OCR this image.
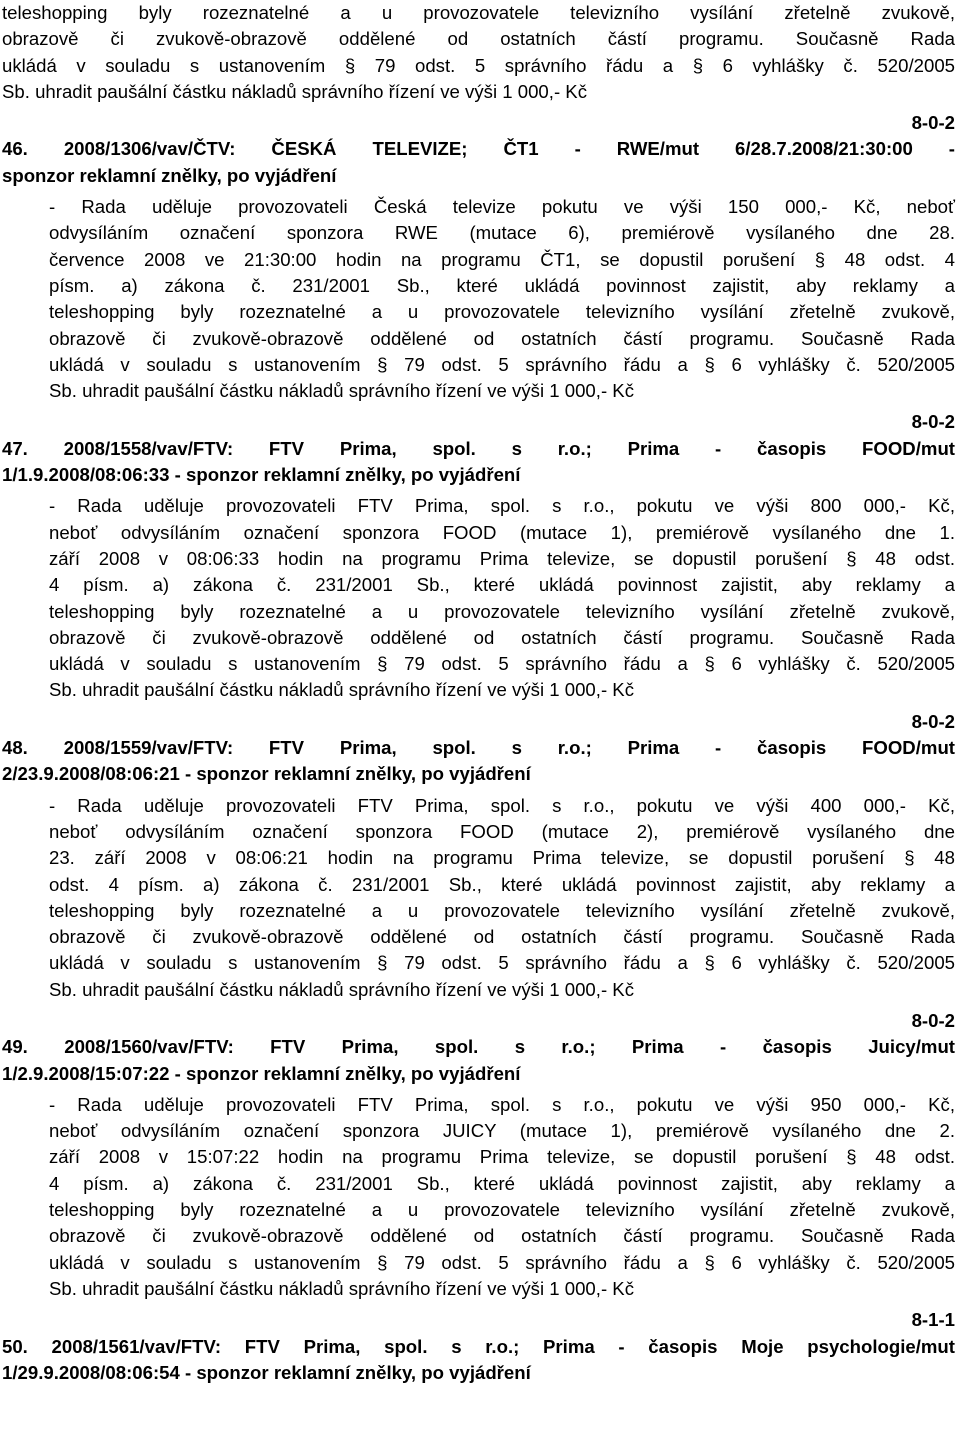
teleshopping byly rozeznatelné a u provozovatele televizního vysílání zřetelně zvukově,
obrazově či zvukově-obrazově oddělené od ostatních částí programu. Současně Rada
ukládá v souladu s ustanovením § 79 odst. 5 správního řádu a § 6 vyhlášky č. 520/2005
Sb. uhradit paušální částku nákladů správního řízení ve výši 1 000,- Kč
8-0-2
46. 2008/1306/vav/ČTV: ČESKÁ TELEVIZE; ČT1 - RWE/mut 6/28.7.2008/21:30:00 -
sponzor reklamní znělky, po vyjádření
- Rada uděluje provozovateli Česká televize pokutu ve výši 150 000,- Kč, neboť
odvysíláním označení sponzora RWE (mutace 6), premiérově vysílaného dne 28.
července 2008 ve 21:30:00 hodin na programu ČT1, se dopustil porušení § 48 odst. 4
písm. a) zákona č. 231/2001 Sb., které ukládá povinnost zajistit, aby reklamy a
teleshopping byly rozeznatelné a u provozovatele televizního vysílání zřetelně zvukově,
obrazově či zvukově-obrazově oddělené od ostatních částí programu. Současně Rada
ukládá v souladu s ustanovením § 79 odst. 5 správního řádu a § 6 vyhlášky č. 520/2005
Sb. uhradit paušální částku nákladů správního řízení ve výši 1 000,- Kč
8-0-2
47. 2008/1558/vav/FTV: FTV Prima, spol. s r.o.; Prima - časopis FOOD/mut
1/1.9.2008/08:06:33 - sponzor reklamní znělky, po vyjádření
- Rada uděluje provozovateli FTV Prima, spol. s r.o., pokutu ve výši 800 000,- Kč,
neboť odvysíláním označení sponzora FOOD (mutace 1), premiérově vysílaného dne 1.
září 2008 v 08:06:33 hodin na programu Prima televize, se dopustil porušení § 48 odst.
4 písm. a) zákona č. 231/2001 Sb., které ukládá povinnost zajistit, aby reklamy a
teleshopping byly rozeznatelné a u provozovatele televizního vysílání zřetelně zvukově,
obrazově či zvukově-obrazově oddělené od ostatních částí programu. Současně Rada
ukládá v souladu s ustanovením § 79 odst. 5 správního řádu a § 6 vyhlášky č. 520/2005
Sb. uhradit paušální částku nákladů správního řízení ve výši 1 000,- Kč
8-0-2
48. 2008/1559/vav/FTV: FTV Prima, spol. s r.o.; Prima - časopis FOOD/mut
2/23.9.2008/08:06:21 - sponzor reklamní znělky, po vyjádření
- Rada uděluje provozovateli FTV Prima, spol. s r.o., pokutu ve výši 400 000,- Kč,
neboť odvysíláním označení sponzora FOOD (mutace 2), premiérově vysílaného dne
23. září 2008 v 08:06:21 hodin na programu Prima televize, se dopustil porušení § 48
odst. 4 písm. a) zákona č. 231/2001 Sb., které ukládá povinnost zajistit, aby reklamy a
teleshopping byly rozeznatelné a u provozovatele televizního vysílání zřetelně zvukově,
obrazově či zvukově-obrazově oddělené od ostatních částí programu. Současně Rada
ukládá v souladu s ustanovením § 79 odst. 5 správního řádu a § 6 vyhlášky č. 520/2005
Sb. uhradit paušální částku nákladů správního řízení ve výši 1 000,- Kč
8-0-2
49. 2008/1560/vav/FTV: FTV Prima, spol. s r.o.; Prima - časopis Juicy/mut
1/2.9.2008/15:07:22 - sponzor reklamní znělky, po vyjádření
- Rada uděluje provozovateli FTV Prima, spol. s r.o., pokutu ve výši 950 000,- Kč,
neboť odvysíláním označení sponzora JUICY (mutace 1), premiérově vysílaného dne 2.
září 2008 v 15:07:22 hodin na programu Prima televize, se dopustil porušení § 48 odst.
4 písm. a) zákona č. 231/2001 Sb., které ukládá povinnost zajistit, aby reklamy a
teleshopping byly rozeznatelné a u provozovatele televizního vysílání zřetelně zvukově,
obrazově či zvukově-obrazově oddělené od ostatních částí programu. Současně Rada
ukládá v souladu s ustanovením § 79 odst. 5 správního řádu a § 6 vyhlášky č. 520/2005
Sb. uhradit paušální částku nákladů správního řízení ve výši 1 000,- Kč
8-1-1
50. 2008/1561/vav/FTV: FTV Prima, spol. s r.o.; Prima - časopis Moje psychologie/mut
1/29.9.2008/08:06:54 - sponzor reklamní znělky, po vyjádření
